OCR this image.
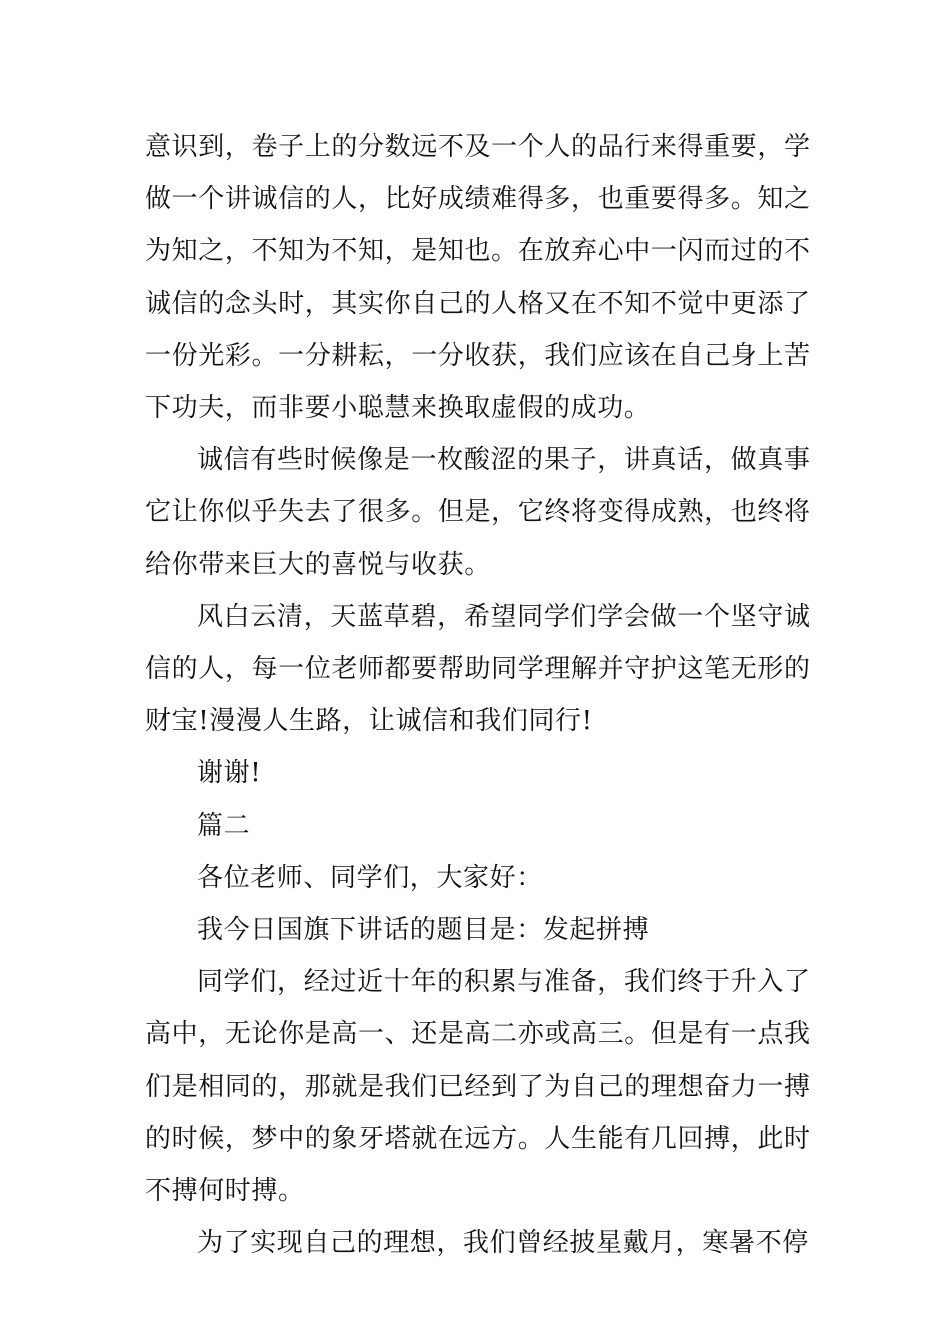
意识到，卷子上的分数远不及一个人的品行来得重要，学
做一个讲诚信的人，比好成绩难得多，也重要得多。知之
为知之，不知为不知，是知也。在放弃心中一闪而过的不
诚信的念头时，其实你自己的人格又在不知不觉中更添了
一份光彩。一分耕耘，一分收获，我们应该在自己身上苦
下功夫，而非要小聪慧来换取虚假的成功。
诚信有些时候像是一枚酸涩的果子，讲真话，做真事
它让你似乎失去了很多。但是，它终将变得成熟，也终将
给你带来巨大的喜悦与收获。
风白云清，天蓝草碧，希望同学们学会做一个坚守诚
信的人，每一位老师都要帮助同学理解并守护这笔无形的
财宝!漫漫人生路，让诚信和我们同行!
谢谢!
篇二
各位老师、同学们，大家好：
我今日国旗下讲话的题目是：发起拼搏
同学们，经过近十年的积累与准备，我们终于升入了
高中，无论你是高一、还是高二亦或高三。但是有一点我
们是相同的，那就是我们已经到了为自己的理想奋力一搏
的时候，梦中的象牙塔就在远方。人生能有几回搏，此时
不搏何时搏。
为了实现自己的理想，我们曾经披星戴月，寒暑不停
